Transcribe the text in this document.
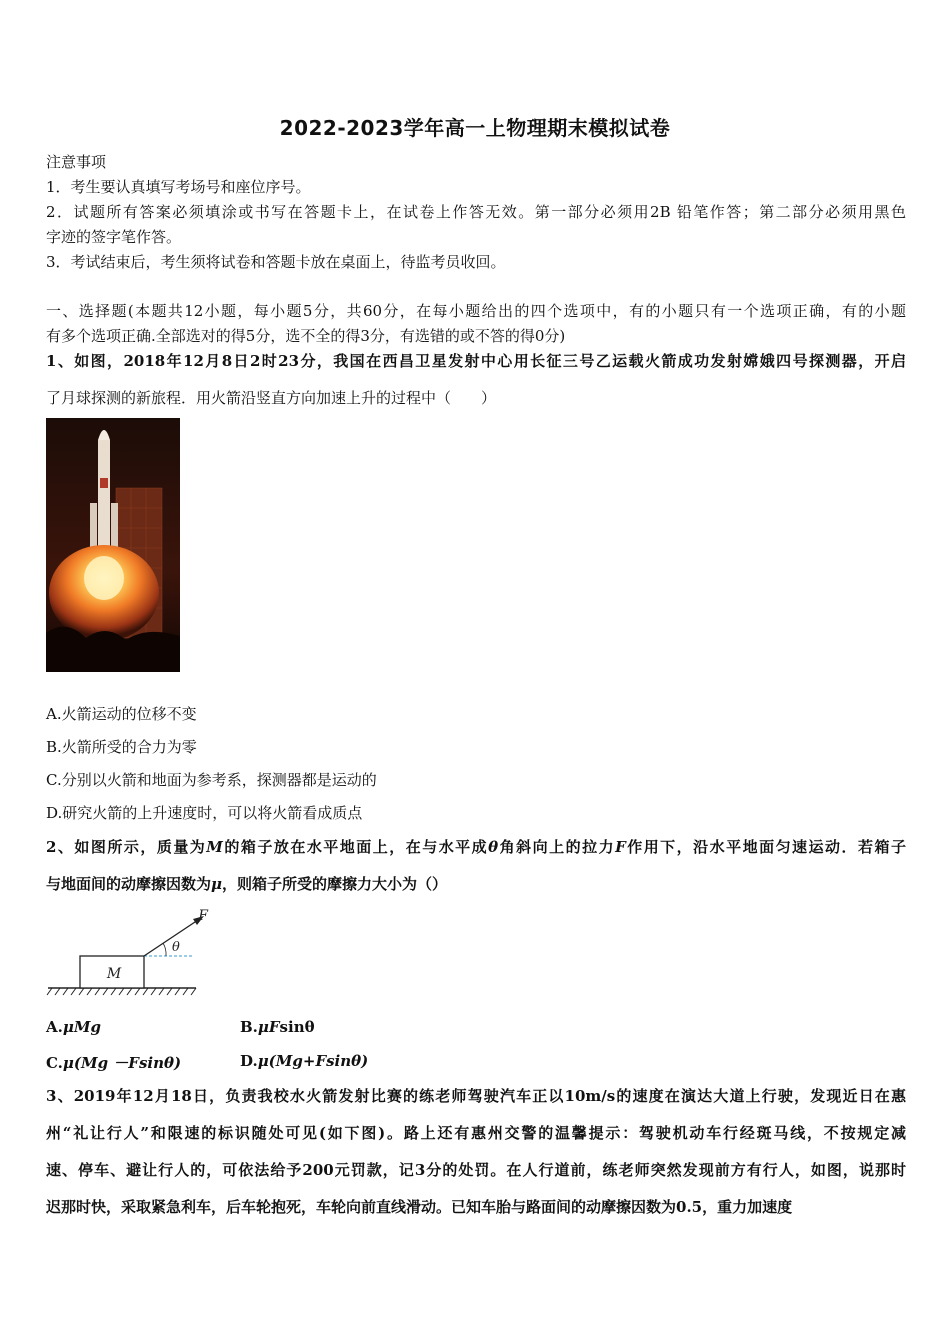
2022-2023学年高一上物理期末模拟试卷
注意事项
1．考生要认真填写考场号和座位序号。
2．试题所有答案必须填涂或书写在答题卡上，在试卷上作答无效。第一部分必须用2B 铅笔作答；第二部分必须用黑色
字迹的签字笔作答。
3．考试结束后，考生须将试卷和答题卡放在桌面上，待监考员收回。
一、选择题(本题共12小题，每小题5分，共60分，在每小题给出的四个选项中，有的小题只有一个选项正确，有的小题
有多个选项正确.全部选对的得5分，选不全的得3分，有选错的或不答的得0分)
1、如图，2018年12月8日2时23分，我国在西昌卫星发射中心用长征三号乙运载火箭成功发射嫦娥四号探测器，开启
了月球探测的新旅程．用火箭沿竖直方向加速上升的过程中（　　）
A.火箭运动的位移不变
B.火箭所受的合力为零
C.分别以火箭和地面为参考系，探测器都是运动的
D.研究火箭的上升速度时，可以将火箭看成质点
2、如图所示，质量为M的箱子放在水平地面上，在与水平成θ角斜向上的拉力F作用下，沿水平地面匀速运动．若箱子
与地面间的动摩擦因数为μ，则箱子所受的摩擦力大小为（）
F
θ
M
A.μMg	B.μFsinθ
C.μ(Mg －Fsinθ)	D.μ(Mg+Fsinθ)
3、2019年12月18日，负责我校水火箭发射比赛的练老师驾驶汽车正以10m/s的速度在演达大道上行驶，发现近日在惠
州“礼让行人”和限速的标识随处可见(如下图)。路上还有惠州交警的温馨提示：驾驶机动车行经斑马线，不按规定减
速、停车、避让行人的，可依法给予200元罚款，记3分的处罚。在人行道前，练老师突然发现前方有行人，如图，说那时
迟那时快，采取紧急利车，后车轮抱死，车轮向前直线滑动。已知车胎与路面间的动摩擦因数为0.5，重力加速度
